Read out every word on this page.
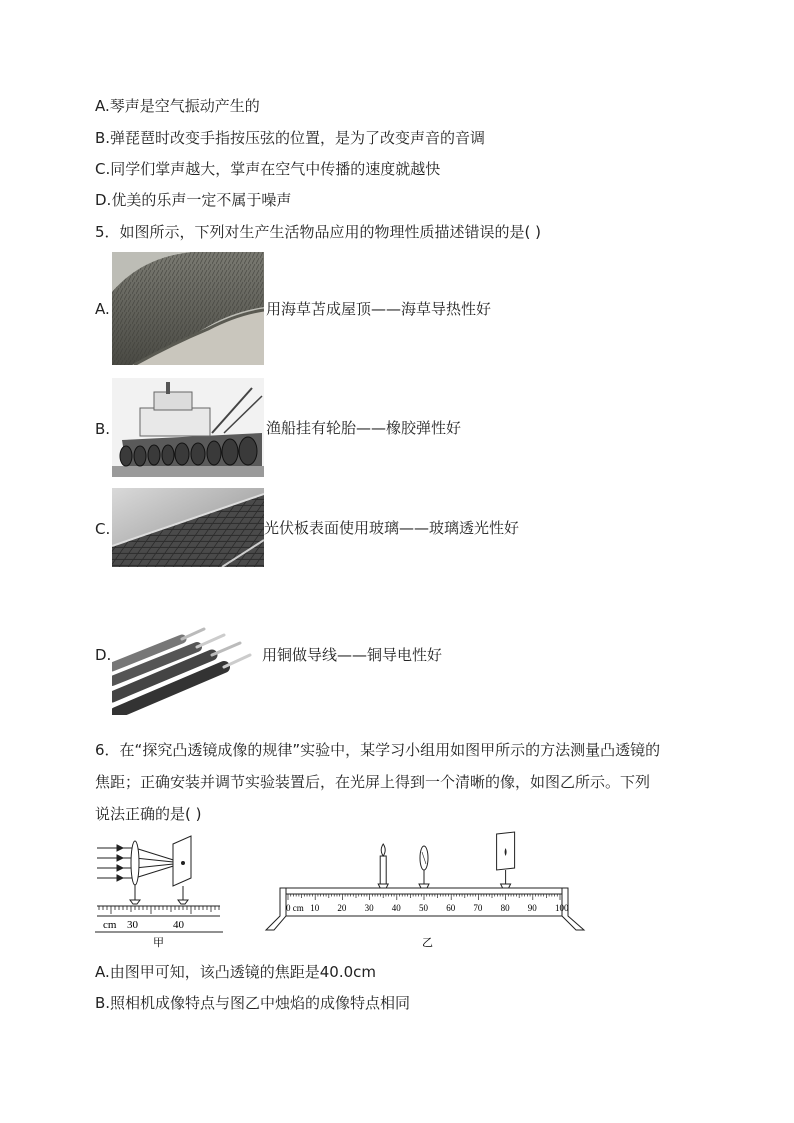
A.琴声是空气振动产生的
B.弹琵琶时改变手指按压弦的位置，是为了改变声音的音调
C.同学们掌声越大，掌声在空气中传播的速度就越快
D.优美的乐声一定不属于噪声
5．如图所示，下列对生产生活物品应用的物理性质描述错误的是( )
A.	用海草苫成屋顶——海草导热性好
B.	渔船挂有轮胎——橡胶弹性好
C.	光伏板表面使用玻璃——玻璃透光性好
D.	用铜做导线——铜导电性好
6．在“探究凸透镜成像的规律”实验中，某学习小组用如图甲所示的方法测量凸透镜的
焦距；正确安装并调节实验装置后，在光屏上得到一个清晰的像，如图乙所示。下列
说法正确的是( )
cm 30	40
甲
0 cm 10 20 30 40 50 60 70 80 90 100
乙
A.由图甲可知，该凸透镜的焦距是40.0cm
B.照相机成像特点与图乙中烛焰的成像特点相同
